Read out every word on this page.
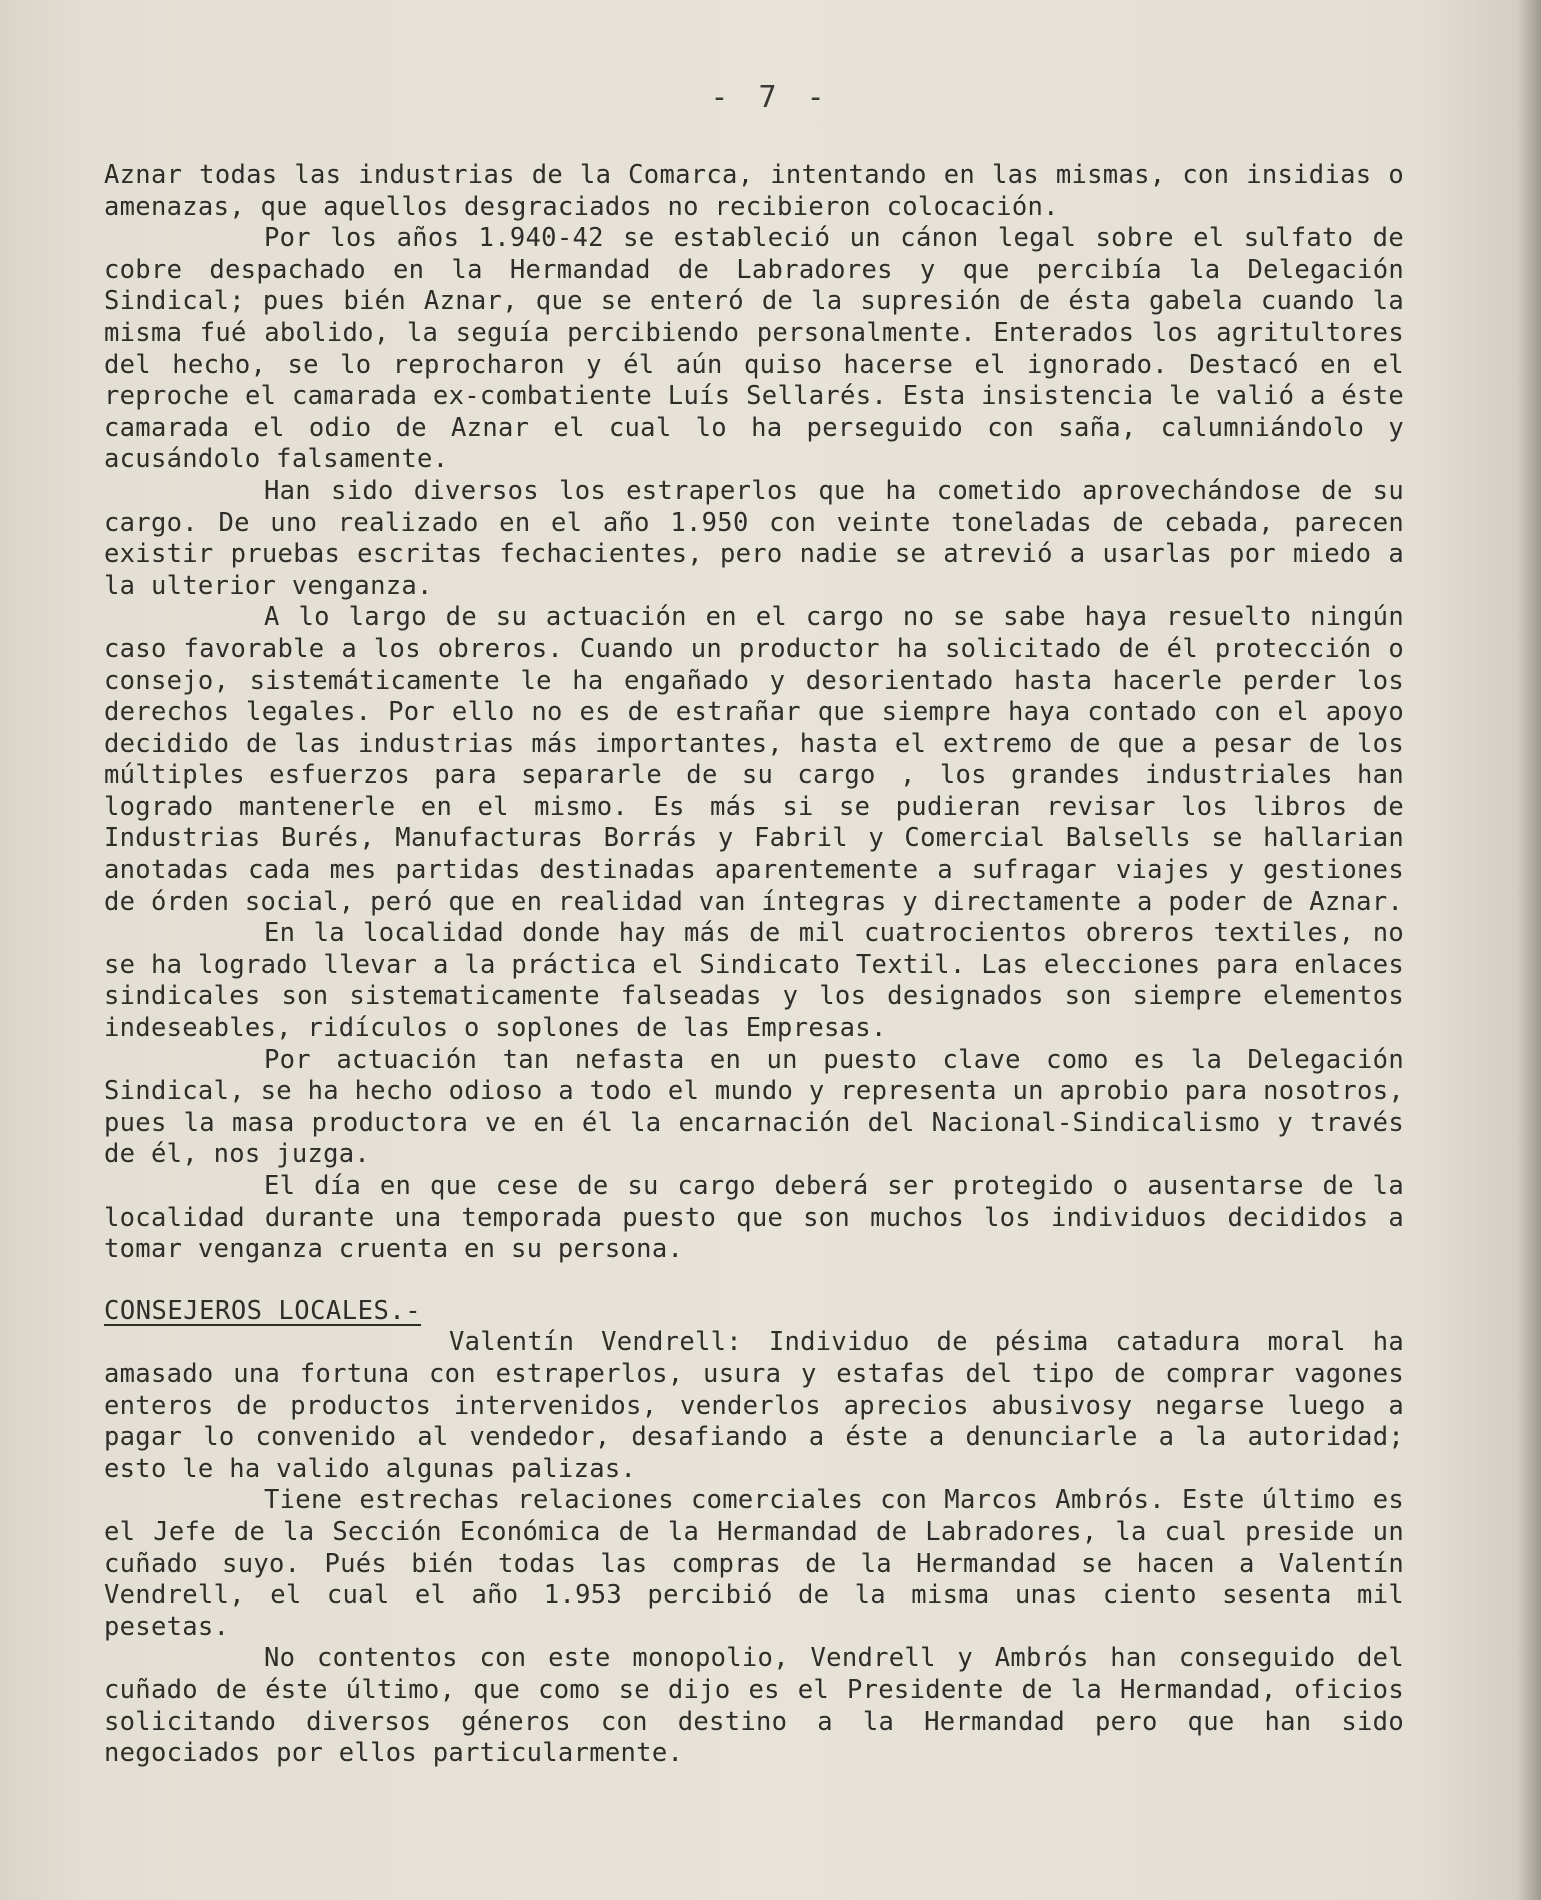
- 7 -

Aznar todas las industrias de la Comarca, intentando en las mismas, con insidias o amenazas, que aquellos desgraciados no recibieron colocación.

Por los años 1.940-42 se estableció un cánon legal sobre el sulfato de cobre despachado en la Hermandad de Labradores y que percibía la Delegación Sindical; pues bién Aznar, que se enteró de la supresión de ésta gabela cuando la misma fué abolido, la seguía percibiendo personalmente. Enterados los agritultores del hecho, se lo reprocharon y él aún quiso hacerse el ignorado. Destacó en el reproche el camarada ex-combatiente Luís Sellarés. Esta insistencia le valió a éste camarada el odio de Aznar el cual lo ha perseguido con saña, calumniándolo y acusándolo falsamente.

Han sido diversos los estraperlos que ha cometido aprovechándose de su cargo. De uno realizado en el año 1.950 con veinte toneladas de cebada, parecen existir pruebas escritas fechacientes, pero nadie se atrevió a usarlas por miedo a la ulterior venganza.

A lo largo de su actuación en el cargo no se sabe haya resuelto ningún caso favorable a los obreros. Cuando un productor ha solicitado de él protección o consejo, sistemáticamente le ha engañado y desorientado hasta hacerle perder los derechos legales. Por ello no es de estrañar que siempre haya contado con el apoyo decidido de las industrias más importantes, hasta el extremo de que a pesar de los múltiples esfuerzos para separarle de su cargo , los grandes industriales han logrado mantenerle en el mismo. Es más si se pudieran revisar los libros de Industrias Burés, Manufacturas Borrás y Fabril y Comercial Balsells se hallarian anotadas cada mes partidas destinadas aparentemente a sufragar viajes y gestiones de órden social, peró que en realidad van íntegras y directamente a poder de Aznar.

En la localidad donde hay más de mil cuatrocientos obreros textiles, no se ha logrado llevar a la práctica el Sindicato Textil. Las elecciones para enlaces sindicales son sistematicamente falseadas y los designados son siempre elementos indeseables, ridículos o soplones de las Empresas.

Por actuación tan nefasta en un puesto clave como es la Delegación Sindical, se ha hecho odioso a todo el mundo y representa un aprobio para nosotros, pues la masa productora ve en él la encarnación del Nacional-Sindicalismo y través de él, nos juzga.

El día en que cese de su cargo deberá ser protegido o ausentarse de la localidad durante una temporada puesto que son muchos los individuos decididos a tomar venganza cruenta en su persona.

CONSEJEROS LOCALES.-

Valentín Vendrell: Individuo de pésima catadura moral ha amasado una fortuna con estraperlos, usura y estafas del tipo de comprar vagones enteros de productos intervenidos, venderlos aprecios abusivosy negarse luego a pagar lo convenido al vendedor, desafiando a éste a denunciarle a la autoridad; esto le ha valido algunas palizas.

Tiene estrechas relaciones comerciales con Marcos Ambrós. Este último es el Jefe de la Sección Económica de la Hermandad de Labradores, la cual preside un cuñado suyo. Pués bién todas las compras de la Hermandad se hacen a Valentín Vendrell, el cual el año 1.953 percibió de la misma unas ciento sesenta mil pesetas.

No contentos con este monopolio, Vendrell y Ambrós han conseguido del cuñado de éste último, que como se dijo es el Presidente de la Hermandad, oficios solicitando diversos géneros con destino a la Hermandad pero que han sido negociados por ellos particularmente.
